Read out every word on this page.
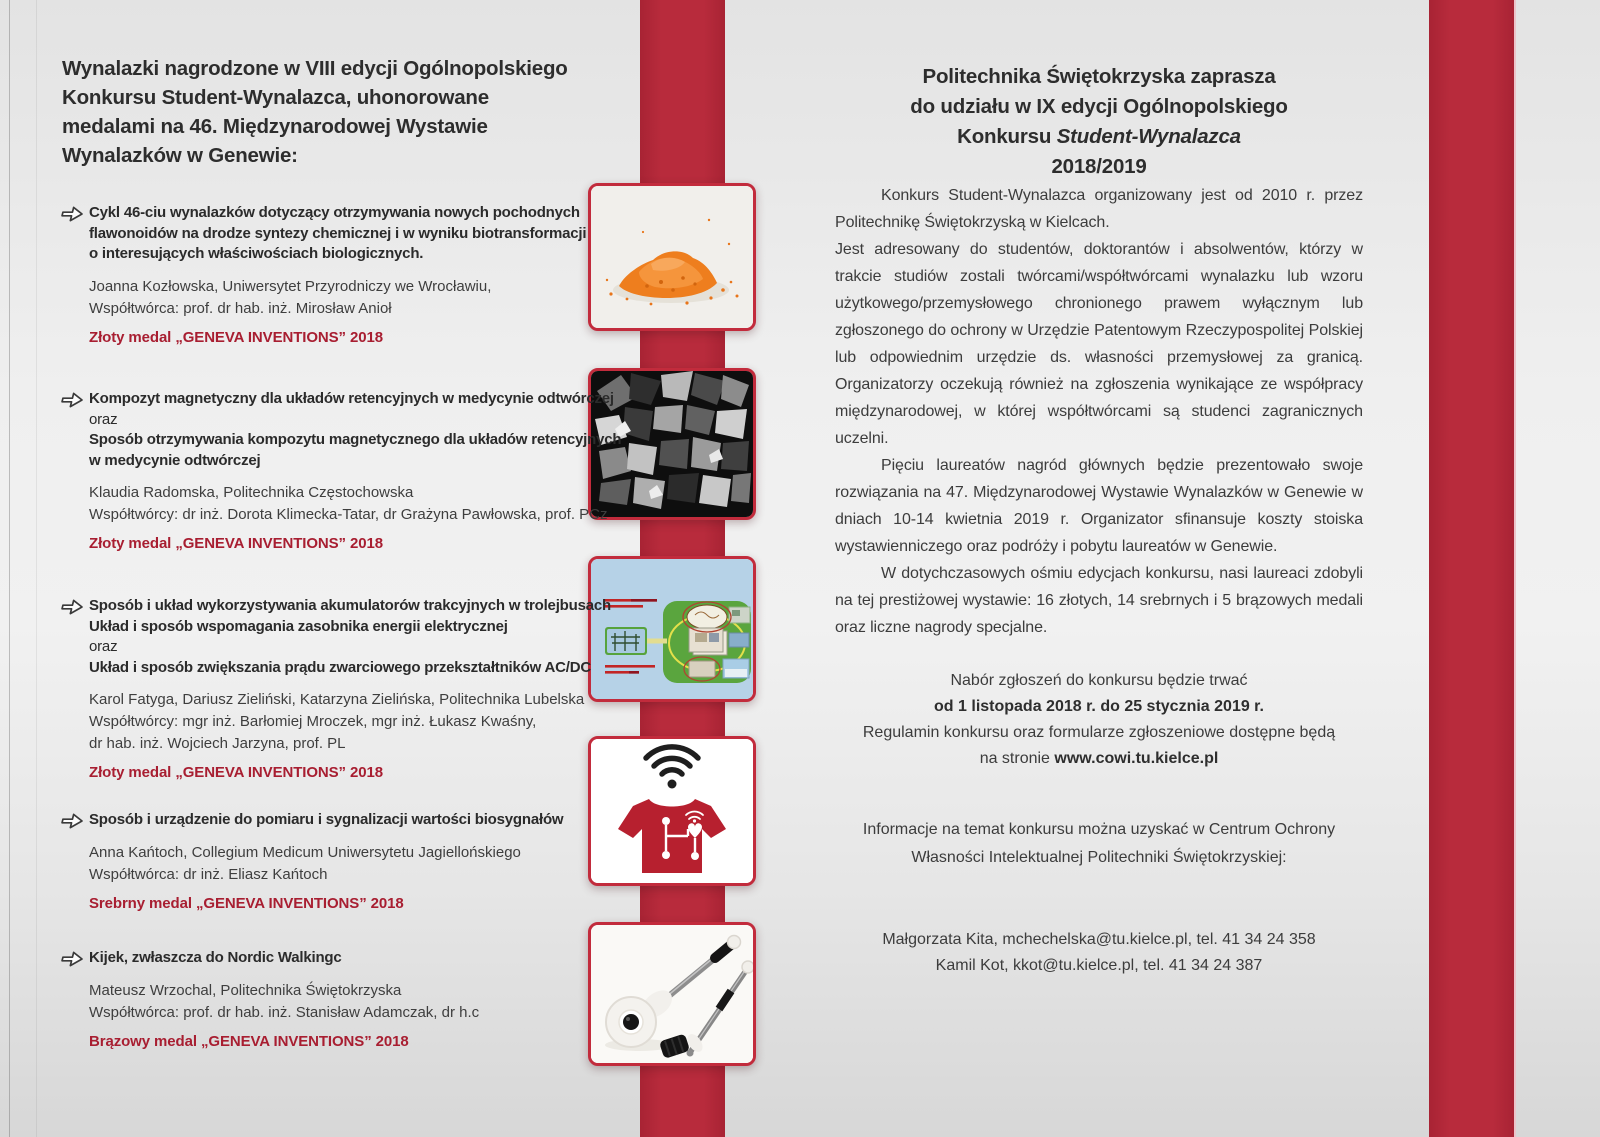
Wynalazki nagrodzone w VIII edycji Ogólnopolskiego
Konkursu Student-Wynalazca, uhonorowane
medalami na 46. Międzynarodowej Wystawie
Wynalazków w Genewie:
Cykl 46-ciu wynalazków dotyczący otrzymywania nowych pochodnych
flawonoidów na drodze syntezy chemicznej i w wyniku biotransformacji
o interesujących właściwościach biologicznych.
Joanna Kozłowska, Uniwersytet Przyrodniczy we Wrocławiu,
Współtwórca: prof. dr hab. inż. Mirosław Anioł
Złoty medal „GENEVA INVENTIONS” 2018
Kompozyt magnetyczny dla układów retencyjnych w medycynie odtwórczej
oraz
Sposób otrzymywania kompozytu magnetycznego dla układów retencyjnych
w medycynie odtwórczej
Klaudia Radomska, Politechnika Częstochowska
Współtwórcy: dr inż. Dorota Klimecka-Tatar, dr Grażyna Pawłowska, prof. PCz
Złoty medal „GENEVA INVENTIONS” 2018
Sposób i układ wykorzystywania akumulatorów trakcyjnych w trolejbusach
Układ i sposób wspomagania zasobnika energii elektrycznej
oraz
Układ i sposób zwiększania prądu zwarciowego przekształtników AC/DC
Karol Fatyga, Dariusz Zieliński, Katarzyna Zielińska, Politechnika Lubelska
Współtwórcy: mgr inż. Barłomiej Mroczek, mgr inż. Łukasz Kwaśny,
dr hab. inż. Wojciech Jarzyna, prof. PL
Złoty medal „GENEVA INVENTIONS” 2018
Sposób i urządzenie do pomiaru i sygnalizacji wartości biosygnałów
Anna Kańtoch, Collegium Medicum Uniwersytetu Jagiellońskiego
Współtwórca: dr inż. Eliasz Kańtoch
Srebrny medal „GENEVA INVENTIONS” 2018
Kijek, zwłaszcza do Nordic Walkingc
Mateusz Wrzochal, Politechnika Świętokrzyska
Współtwórca: prof. dr hab. inż. Stanisław Adamczak, dr h.c
Brązowy medal „GENEVA INVENTIONS” 2018
Politechnika Świętokrzyska zaprasza
do udziału w IX edycji Ogólnopolskiego
Konkursu Student-Wynalazca
2018/2019

Konkurs Student-Wynalazca organizowany jest od 2010 r. przez Politechnikę Świętokrzyską w Kielcach.

Jest adresowany do studentów, doktorantów i absolwentów, którzy w trakcie studiów zostali twórcami/współtwórcami wynalazku lub wzoru użytkowego/przemysłowego chronionego prawem wyłącznym lub zgłoszonego do ochrony w Urzędzie Patentowym Rzeczypospolitej Polskiej lub odpowiednim urzędzie ds. własności przemysłowej za granicą. Organizatorzy oczekują również na zgłoszenia wynikające ze współpracy międzynarodowej, w której współtwórcami są studenci zagranicznych uczelni.

Pięciu laureatów nagród głównych będzie prezentowało swoje rozwiązania na 47. Międzynarodowej Wystawie Wynalazków w Genewie w dniach 10-14 kwietnia 2019 r. Organizator sfinansuje koszty stoiska wystawienniczego oraz podróży i pobytu laureatów w Genewie.

W dotychczasowych ośmiu edycjach konkursu, nasi laureaci zdobyli na tej prestiżowej wystawie: 16 złotych, 14 srebrnych i 5 brązowych medali oraz liczne nagrody specjalne.

Nabór zgłoszeń do konkursu będzie trwać
od 1 listopada 2018 r. do 25 stycznia 2019 r.
Regulamin konkursu oraz formularze zgłoszeniowe dostępne będą
na stronie www.cowi.tu.kielce.pl
Informacje na temat konkursu można uzyskać w Centrum Ochrony Własności Intelektualnej Politechniki Świętokrzyskiej:
Małgorzata Kita, mchechelska@tu.kielce.pl, tel. 41 34 24 358
Kamil Kot, kkot@tu.kielce.pl, tel. 41 34 24 387
